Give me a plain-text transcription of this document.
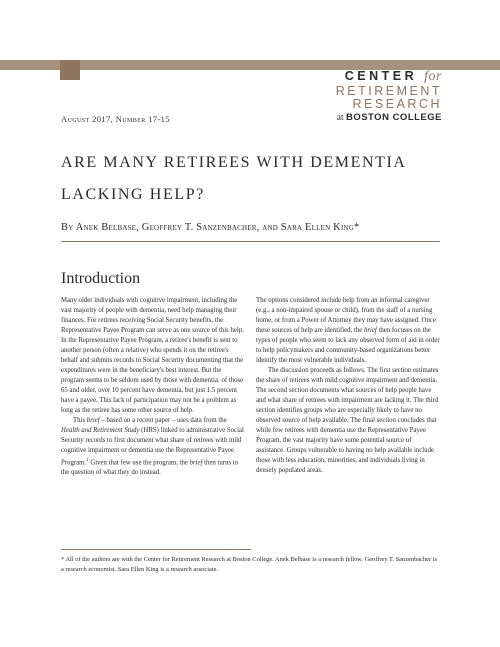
CENTER for
RETIREMENT
RESEARCH
at BOSTON COLLEGE
August 2017, Number 17-15
ARE MANY RETIREES WITH DEMENTIA LACKING HELP?
By Anek Belbase, Geoffrey T. Sanzenbacher, and Sara Ellen King*
Introduction

Many older individuals with cognitive impairment, including the vast majority of people with dementia, need help managing their finances. For retirees receiving Social Security benefits, the Representative Payee Program can serve as one source of this help. In the Representative Payee Program, a retiree's benefit is sent to another person (often a relative) who spends it on the retiree's behalf and submits records to Social Security documenting that the expenditures were in the beneficiary's best interest. But the program seems to be seldom used by those with dementia: of those 65 and older, over 10 percent have dementia, but just 1.5 percent have a payee. This lack of participation may not be a problem as long as the retiree has some other source of help.

This brief – based on a recent paper – uses data from the Health and Retirement Study (HRS) linked to administrative Social Security records to first document what share of retirees with mild cognitive impairment or dementia use the Representative Payee Program.$^1$ Given that few use the program, the brief then turns to the question of what they do instead.

The options considered include help from an informal caregiver (e.g., a non-impaired spouse or child), from the staff of a nursing home, or from a Power of Attorney they may have assigned. Once these sources of help are identified, the brief then focuses on the types of people who seem to lack any observed form of aid in order to help policymakers and community-based organizations better identify the most vulnerable individuals.

The discussion proceeds as follows. The first section estimates the share of retirees with mild cognitive impairment and dementia. The second section documents what sources of help people have and what share of retirees with impairment are lacking it. The third section identifies groups who are especially likely to have no observed source of help available. The final section concludes that while few retirees with dementia use the Representative Payee Program, the vast majority have some potential source of assistance. Groups vulnerable to having no help available include those with less education, minorities, and individuals living in densely populated areas.

* All of the authors are with the Center for Retirement Research at Boston College. Anek Belbase is a research fellow. Geoffrey T. Sanzenbacher is a research economist. Sara Ellen King is a research associate.
